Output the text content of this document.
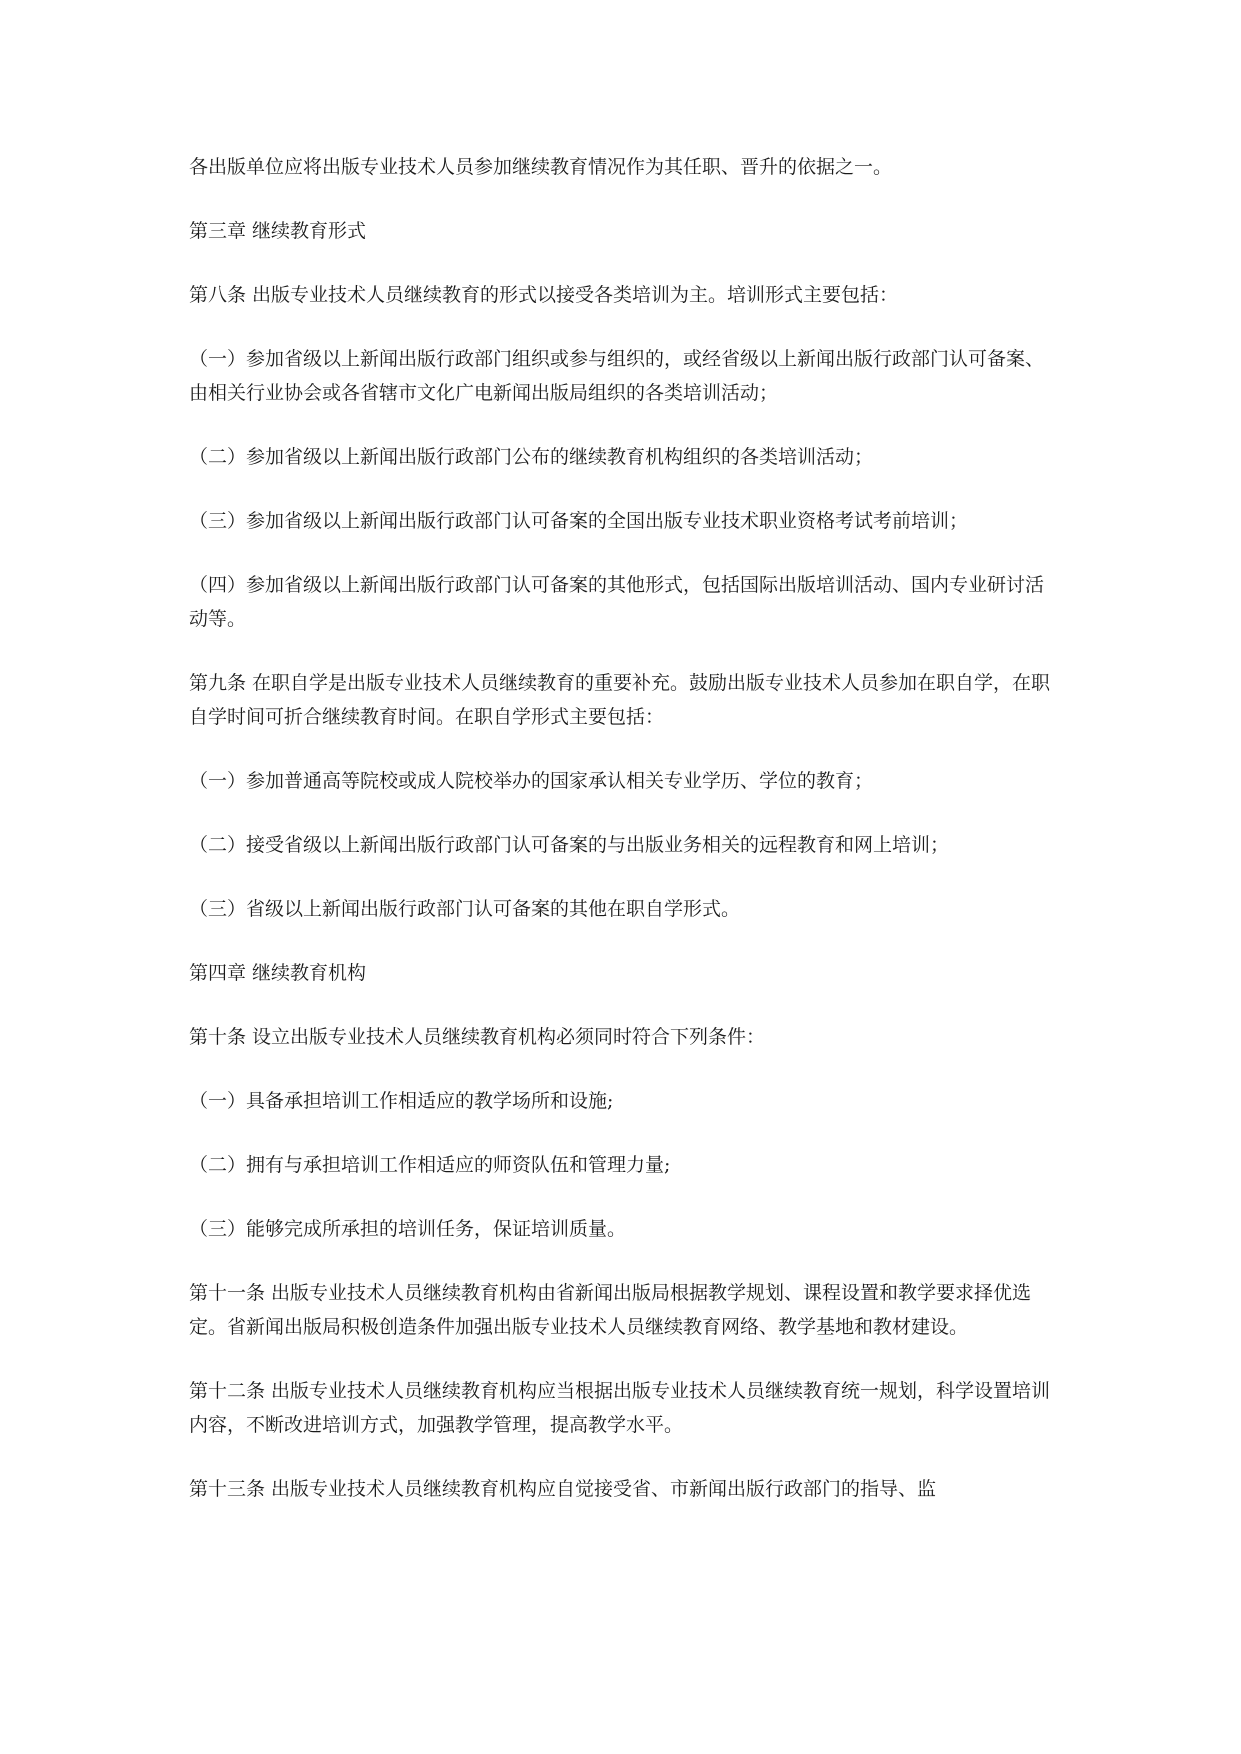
各出版单位应将出版专业技术人员参加继续教育情况作为其任职、晋升的依据之一。

第三章 继续教育形式

第八条 出版专业技术人员继续教育的形式以接受各类培训为主。培训形式主要包括：

（一）参加省级以上新闻出版行政部门组织或参与组织的，或经省级以上新闻出版行政部门认可备案、由相关行业协会或各省辖市文化广电新闻出版局组织的各类培训活动；

（二）参加省级以上新闻出版行政部门公布的继续教育机构组织的各类培训活动；

（三）参加省级以上新闻出版行政部门认可备案的全国出版专业技术职业资格考试考前培训；

（四）参加省级以上新闻出版行政部门认可备案的其他形式，包括国际出版培训活动、国内专业研讨活动等。

第九条 在职自学是出版专业技术人员继续教育的重要补充。鼓励出版专业技术人员参加在职自学，在职自学时间可折合继续教育时间。在职自学形式主要包括：

（一）参加普通高等院校或成人院校举办的国家承认相关专业学历、学位的教育；

（二）接受省级以上新闻出版行政部门认可备案的与出版业务相关的远程教育和网上培训；

（三）省级以上新闻出版行政部门认可备案的其他在职自学形式。

第四章 继续教育机构

第十条 设立出版专业技术人员继续教育机构必须同时符合下列条件：

（一）具备承担培训工作相适应的教学场所和设施;

（二）拥有与承担培训工作相适应的师资队伍和管理力量;

（三）能够完成所承担的培训任务，保证培训质量。

第十一条 出版专业技术人员继续教育机构由省新闻出版局根据教学规划、课程设置和教学要求择优选定。省新闻出版局积极创造条件加强出版专业技术人员继续教育网络、教学基地和教材建设。

第十二条 出版专业技术人员继续教育机构应当根据出版专业技术人员继续教育统一规划，科学设置培训内容，不断改进培训方式，加强教学管理，提高教学水平。

第十三条 出版专业技术人员继续教育机构应自觉接受省、市新闻出版行政部门的指导、监
